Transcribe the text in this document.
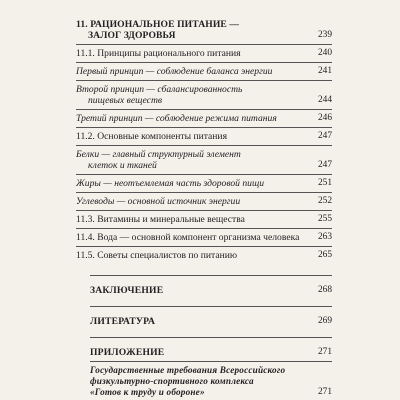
11. РАЦИОНАЛЬНОЕ ПИТАНИЕ —
ЗАЛОГ ЗДОРОВЬЯ	239
11.1. Принципы рационального питания	240
Первый принцип — соблюдение баланса энергии	241
Второй принцип — сбалансированность
пищевых веществ	244
Третий принцип — соблюдение режима питания	246
11.2. Основные компоненты питания	247
Белки — главный структурный элемент
клеток и тканей	247
Жиры — неотъемлемая часть здоровой пищи	251
Углеводы — основной источник энергии	252
11.3. Витамины и минеральные вещества	255
11.4. Вода — основной компонент организма человека	263
11.5. Советы специалистов по питанию	265
ЗАКЛЮЧЕНИЕ	268
ЛИТЕРАТУРА	269
ПРИЛОЖЕНИЕ	271
Государственные требования Всероссийского
физкультурно-спортивного комплекса
«Готов к труду и обороне»	271
